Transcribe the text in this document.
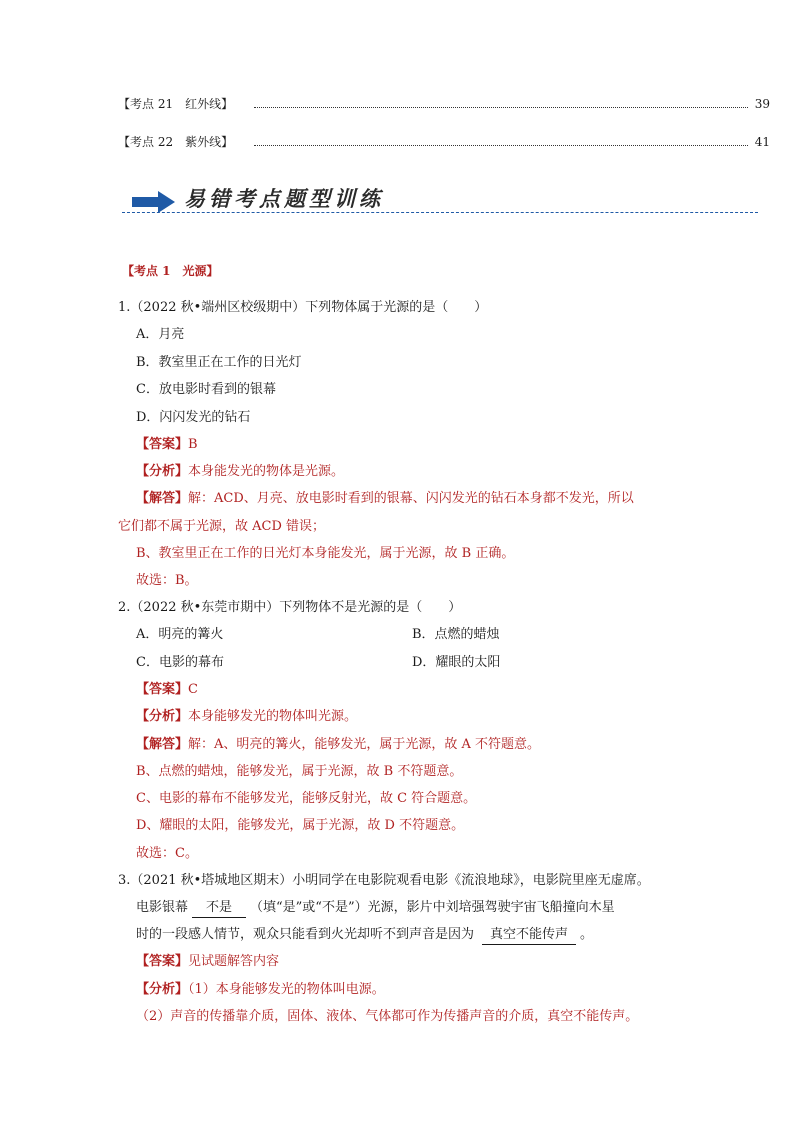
【考点 21　红外线】	39
【考点 22　紫外线】	41
易错考点题型训练
【考点 1　光源】
1.（2022 秋•端州区校级期中）下列物体属于光源的是（　　）
A．月亮
B．教室里正在工作的日光灯
C．放电影时看到的银幕
D．闪闪发光的钻石
【答案】B
【分析】本身能发光的物体是光源。
【解答】解：ACD、月亮、放电影时看到的银幕、闪闪发光的钻石本身都不发光，所以
它们都不属于光源，故 ACD 错误；
B、教室里正在工作的日光灯本身能发光，属于光源，故 B 正确。
故选：B。
2.（2022 秋•东莞市期中）下列物体不是光源的是（　　）
A．明亮的篝火	B．点燃的蜡烛
C．电影的幕布	D．耀眼的太阳
【答案】C
【分析】本身能够发光的物体叫光源。
【解答】解：A、明亮的篝火，能够发光，属于光源，故 A 不符题意。
B、点燃的蜡烛，能够发光，属于光源，故 B 不符题意。
C、电影的幕布不能够发光，能够反射光，故 C 符合题意。
D、耀眼的太阳，能够发光，属于光源，故 D 不符题意。
故选：C。
3.（2021 秋•塔城地区期末）小明同学在电影院观看电影《流浪地球》，电影院里座无虚席。
电影银幕 不是 （填“是”或“不是”）光源，影片中刘培强驾驶宇宙飞船撞向木星
时的一段感人情节，观众只能看到火光却听不到声音是因为 真空不能传声 。
【答案】见试题解答内容
【分析】（1）本身能够发光的物体叫电源。
（2）声音的传播靠介质，固体、液体、气体都可作为传播声音的介质，真空不能传声。
